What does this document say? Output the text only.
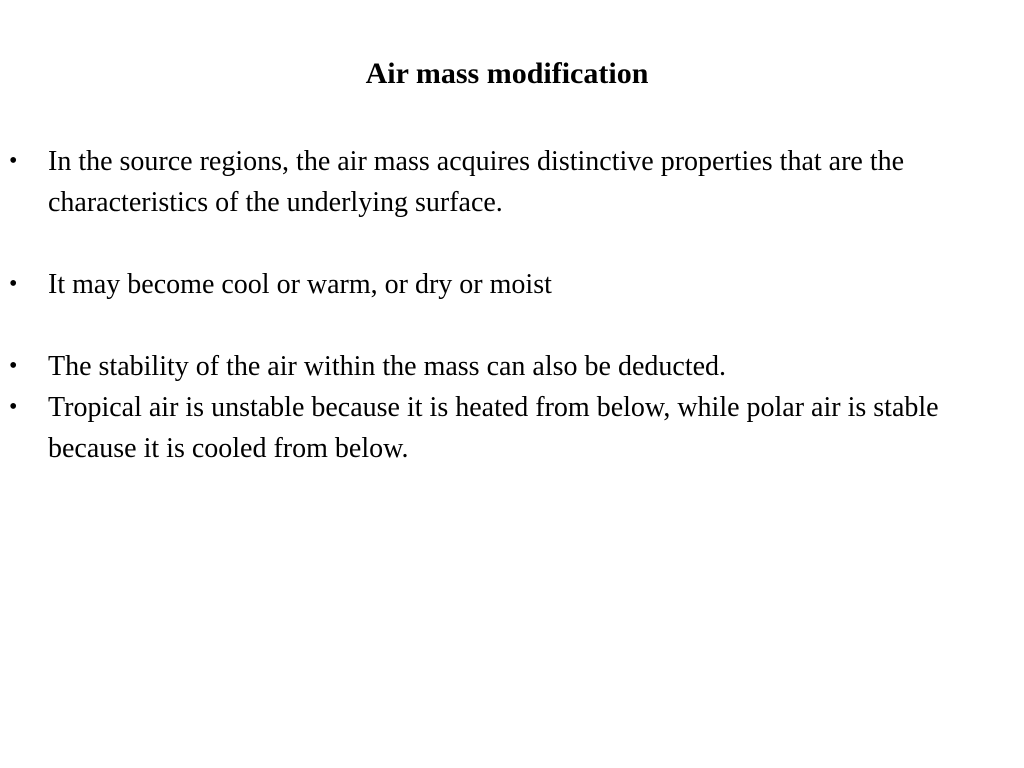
Air mass modification
• In the source regions, the air mass acquires distinctive properties that are the characteristics of the underlying surface.
• It may become cool or warm, or dry or moist
• The stability of the air within the mass can also be deducted.
• Tropical air is unstable because it is heated from below, while polar air is stable because it is cooled from below.
